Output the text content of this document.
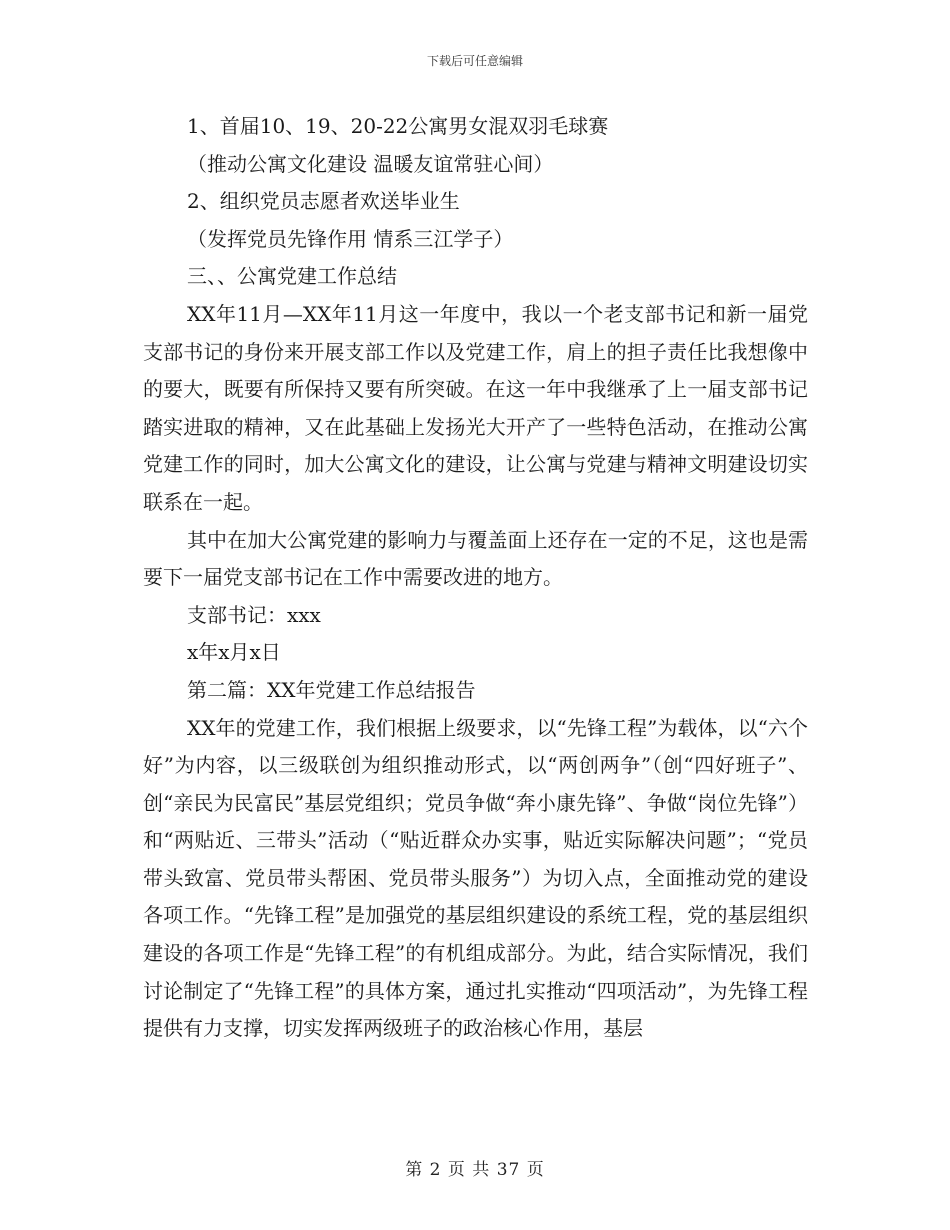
下载后可任意编辑
1、首届10、19、20-22公寓男女混双羽毛球赛
（推动公寓文化建设 温暖友谊常驻心间）
2、组织党员志愿者欢送毕业生
（发挥党员先锋作用 情系三江学子）
三、、公寓党建工作总结

XX年11月—XX年11月这一年度中，我以一个老支部书记和新一届党支部书记的身份来开展支部工作以及党建工作，肩上的担子责任比我想像中的要大，既要有所保持又要有所突破。在这一年中我继承了上一届支部书记踏实进取的精神，又在此基础上发扬光大开产了一些特色活动，在推动公寓党建工作的同时，加大公寓文化的建设，让公寓与党建与精神文明建设切实联系在一起。

其中在加大公寓党建的影响力与覆盖面上还存在一定的不足，这也是需要下一届党支部书记在工作中需要改进的地方。

支部书记：xxx
x年x月x日
第二篇：XX年党建工作总结报告

XX年的党建工作，我们根据上级要求，以“先锋工程”为载体，以“六个好”为内容，以三级联创为组织推动形式，以“两创两争”（创“四好班子”、创“亲民为民富民”基层党组织；党员争做“奔小康先锋”、争做“岗位先锋”）和“两贴近、三带头”活动（“贴近群众办实事，贴近实际解决问题”；“党员带头致富、党员带头帮困、党员带头服务”）为切入点，全面推动党的建设各项工作。“先锋工程”是加强党的基层组织建设的系统工程，党的基层组织建设的各项工作是“先锋工程”的有机组成部分。为此，结合实际情况，我们讨论制定了“先锋工程”的具体方案，通过扎实推动“四项活动”，为先锋工程提供有力支撑，切实发挥两级班子的政治核心作用，基层

第 2 页 共 37 页
